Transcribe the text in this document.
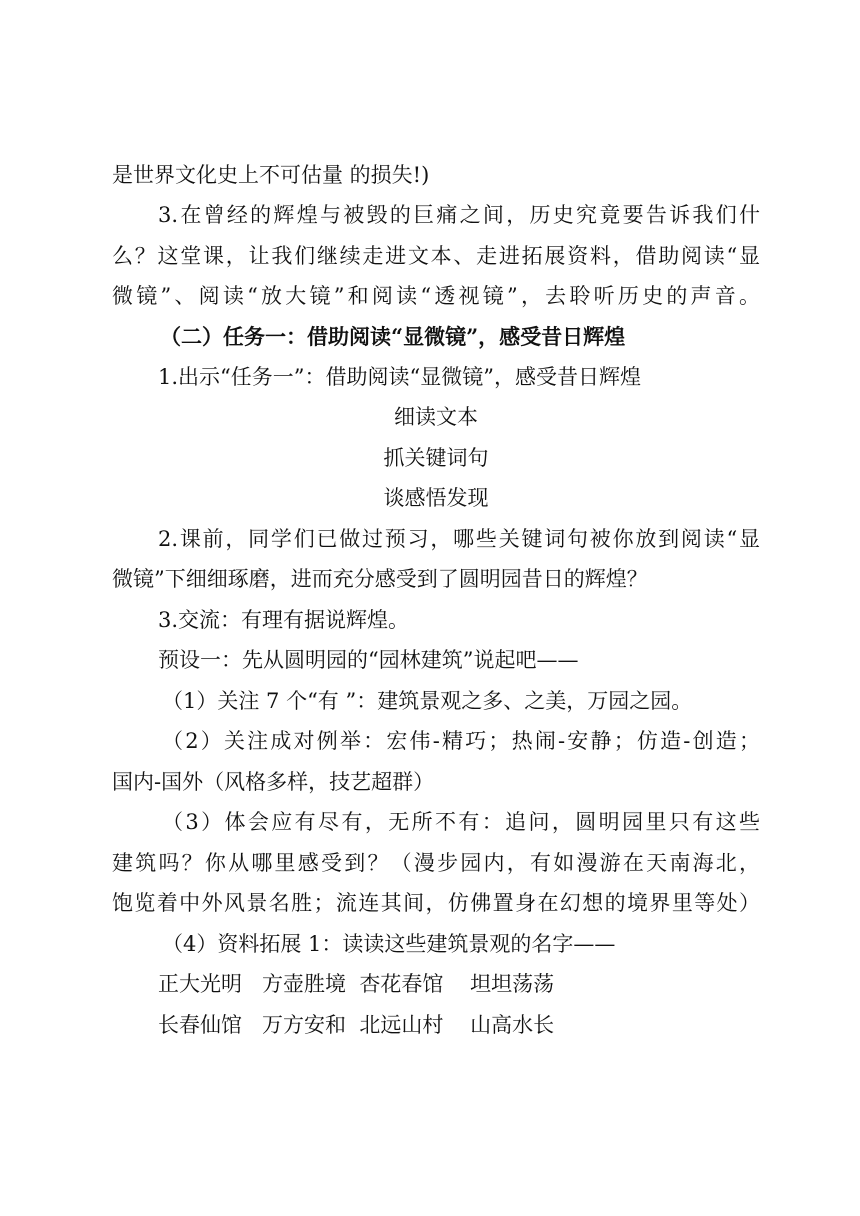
是世界文化史上不可估量 的损失!)
3.在曾经的辉煌与被毁的巨痛之间，历史究竟要告诉我们什
么？这堂课，让我们继续走进文本、走进拓展资料，借助阅读“显
微镜”、阅读“放大镜”和阅读“透视镜”，去聆听历史的声音。
（二）任务一：借助阅读“显微镜”，感受昔日辉煌
1.出示“任务一”：借助阅读“显微镜”，感受昔日辉煌
细读文本
抓关键词句
谈感悟发现
2.课前，同学们已做过预习，哪些关键词句被你放到阅读“显
微镜”下细细琢磨，进而充分感受到了圆明园昔日的辉煌？
3.交流：有理有据说辉煌。
预设一：先从圆明园的“园林建筑”说起吧——
（1）关注 7 个“有 ”：建筑景观之多、之美，万园之园。
（2）关注成对例举：宏伟-精巧；热闹-安静；仿造-创造；
国内-国外（风格多样，技艺超群）
（3）体会应有尽有，无所不有：追问，圆明园里只有这些
建筑吗？你从哪里感受到？（漫步园内，有如漫游在天南海北，
饱览着中外风景名胜；流连其间，仿佛置身在幻想的境界里等处）
（4）资料拓展 1：读读这些建筑景观的名字——
正大光明   方壶胜境  杏花春馆    坦坦荡荡
长春仙馆   万方安和  北远山村    山高水长
